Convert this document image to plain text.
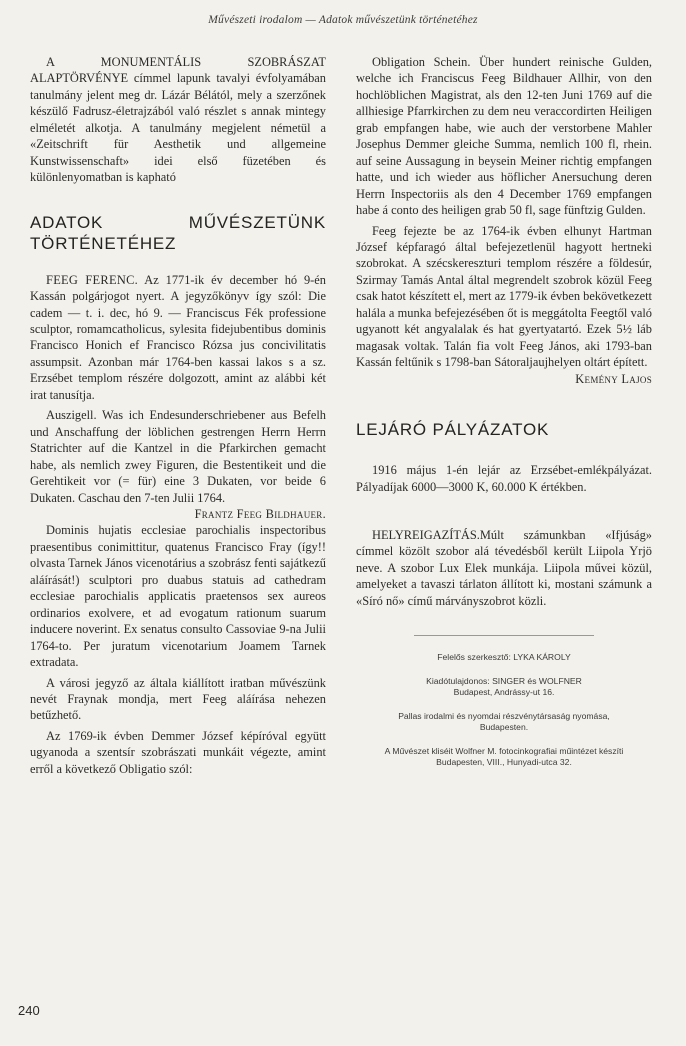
Művészeti irodalom — Adatok művészetünk történetéhez

A MONUMENTÁLIS SZOBRÁSZAT ALAPTÖRVÉNYE címmel lapunk tavalyi évfolyamában tanulmány jelent meg dr. Lázár Bélától, mely a szerzőnek készülő Fadrusz-életrajzából való részlet s annak mintegy elméletét alkotja. A tanulmány megjelent németül a «Zeitschrift für Aesthetik und allgemeine Kunstwissenschaft» idei első füzetében és különlenyomatban is kapható

ADATOK MŰVÉSZETÜNK TÖRTÉNETÉHEZ

FEEG FERENC. Az 1771-ik év december hó 9-én Kassán polgárjogot nyert. A jegyzőkönyv így szól: Die cadem — t. i. dec, hó 9. — Franciscus Fék professione sculptor, romamcatholicus, sylesita fidejubentibus dominis Francisco Honich ef Francisco Rózsa jus concivilitatis assumpsit. Azonban már 1764-ben kassai lakos s a sz. Erzsébet templom részére dolgozott, amint az alábbi két irat tanusítja.

Auszigell. Was ich Endesunderschriebener aus Befelh und Anschaffung der löblichen gestrengen Herrn Herrn Statrichter auf die Kantzel in die Pfarkirchen gemacht habe, als nemlich zwey Figuren, die Bestentikeit und die Gerehtikeit vor (= für) eine 3 Dukaten, vor beide 6 Dukaten. Caschau den 7-ten Julii 1764.
Frantz Feeg Bildhauer.

Dominis hujatis ecclesiae parochialis inspectoribus praesentibus conimittitur, quatenus Francisco Fray (így!! olvasta Tarnek János vicenotárius a szobrász fenti sajátkezű aláírását!) sculptori pro duabus statuis ad cathedram ecclesiae parochialis applicatis praetensos sex aureos ordinarios exolvere, et ad evogatum rationum suarum inducere noverint. Ex senatus consulto Cassoviae 9-na Julii 1764-to. Per juratum vicenotarium Joamem Tarnek extradata.

A városi jegyző az általa kiállított iratban művészünk nevét Fraynak mondja, mert Feeg aláírása nehezen betűzhető.

Az 1769-ik évben Demmer József képíróval együtt ugyanoda a szentsír szobrászati munkáit végezte, amint erről a következő Obligatio szól:

Obligation Schein. Über hundert reinische Gulden, welche ich Franciscus Feeg Bildhauer Allhir, von den hochlöblichen Magistrat, als den 12-ten Juni 1769 auf die allhiesige Pfarrkirchen zu dem neu veraccordirten Heiligen grab empfangen habe, wie auch der verstorbene Mahler Josephus Demmer gleiche Summa, nemlich 100 fl, rhein. auf seine Aussagung in beysein Meiner richtig empfangen hatte, und ich wieder aus höflicher Anersuchung deren Herrn Inspectoriis als den 4 December 1769 empfangen habe á conto des heiligen grab 50 fl, sage fünftzig Gulden.

Feeg fejezte be az 1764-ik évben elhunyt Hartman József képfaragó által befejezetlenül hagyott hertneki szobrokat. A szécskereszturi templom részére a földesúr, Szirmay Tamás Antal által megrendelt szobrok közül Feeg csak hatot készített el, mert az 1779-ik évben bekövetkezett halála a munka befejezésében őt is meggátolta Feegtől való ugyanott két angyalalak és hat gyertyatartó. Ezek 5½ láb magasak voltak. Talán fia volt Feeg János, aki 1793-ban Kassán feltűnik s 1798-ban Sátoraljaujhelyen oltárt épített.
Kemény Lajos

LEJÁRÓ PÁLYÁZATOK

1916 május 1-én lejár az Erzsébet-emlékpályázat. Pályadíjak 6000—3000 K, 60.000 K értékben.

HELYREIGAZÍTÁS.Múlt számunkban «Ifjúság» címmel közölt szobor alá tévedésből került Liipola Yrjö neve. A szobor Lux Elek munkája. Liipola művei közül, amelyeket a tavaszi tárlaton állított ki, mostani számunk a «Síró nő» című márványszobrot közli.

Felelős szerkesztő: LYKA KÁROLY

Kiadótulajdonos: SINGER és WOLFNER
Budapest, Andrássy-ut 16.

Pallas irodalmi és nyomdai részvénytársaság nyomása,
Budapesten.

A Művészet kliséit Wolfner M. fotocinkografiai műintézet készíti
Budapesten, VIII., Hunyadi-utca 32.

240
